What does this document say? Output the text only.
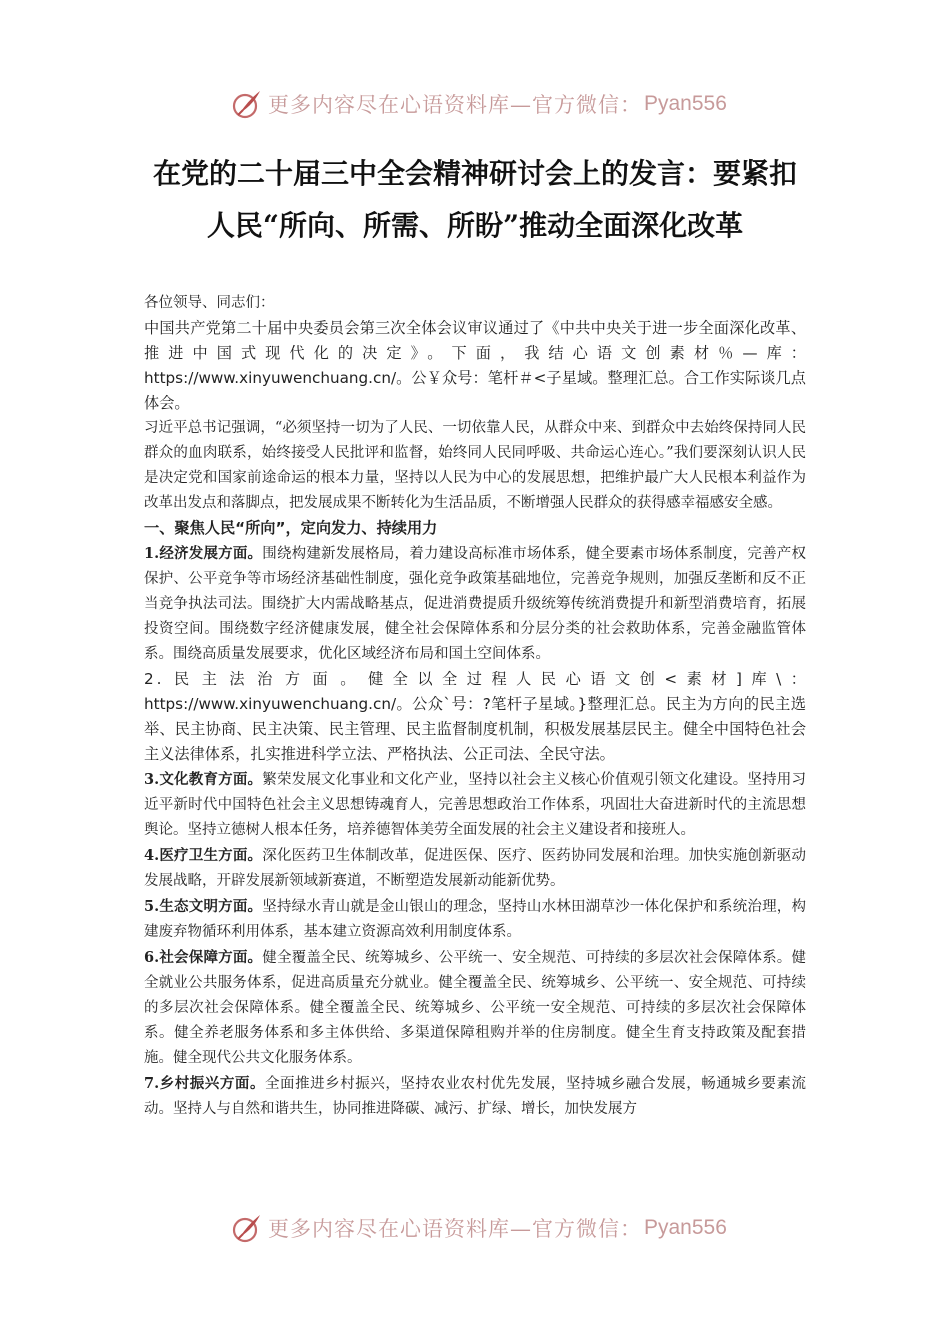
更多内容尽在心语资料库—官方微信： Pyan556
在党的二十届三中全会精神研讨会上的发言：要紧扣
人民“所向、所需、所盼”推动全面深化改革

各位领导、同志们：

中国共产党第二十届中央委员会第三次全体会议审议通过了《中共中央关于进一步全面深化改革、推进中国式现代化的决定》。下面，我结心语文创素材％—库：https://www.xinyuwenchuang.cn/。公￥众号：笔杆＃<子星域。整理汇总。合工作实际谈几点体会。

习近平总书记强调，“必须坚持一切为了人民、一切依靠人民，从群众中来、到群众中去始终保持同人民群众的血肉联系，始终接受人民批评和监督，始终同人民同呼吸、共命运心连心。”我们要深刻认识人民是决定党和国家前途命运的根本力量，坚持以人民为中心的发展思想，把维护最广大人民根本利益作为改革出发点和落脚点，把发展成果不断转化为生活品质，不断增强人民群众的获得感幸福感安全感。

一、聚焦人民“所向”，定向发力、持续用力

1.经济发展方面。围绕构建新发展格局，着力建设高标准市场体系，健全要素市场体系制度，完善产权保护、公平竞争等市场经济基础性制度，强化竞争政策基础地位，完善竞争规则，加强反垄断和反不正当竞争执法司法。围绕扩大内需战略基点，促进消费提质升级统筹传统消费提升和新型消费培育，拓展投资空间。围绕数字经济健康发展，健全社会保障体系和分层分类的社会救助体系，完善金融监管体系。围绕高质量发展要求，优化区域经济布局和国土空间体系。

2.民主法治方面。健全以全过程人民心语文创<素材]库\：https://www.xinyuwenchuang.cn/。公众`号：?笔杆子星域。}整理汇总。民主为方向的民主选举、民主协商、民主决策、民主管理、民主监督制度机制，积极发展基层民主。健全中国特色社会主义法律体系，扎实推进科学立法、严格执法、公正司法、全民守法。

3.文化教育方面。繁荣发展文化事业和文化产业，坚持以社会主义核心价值观引领文化建设。坚持用习近平新时代中国特色社会主义思想铸魂育人，完善思想政治工作体系，巩固壮大奋进新时代的主流思想舆论。坚持立德树人根本任务，培养德智体美劳全面发展的社会主义建设者和接班人。

4.医疗卫生方面。深化医药卫生体制改革，促进医保、医疗、医药协同发展和治理。加快实施创新驱动发展战略，开辟发展新领域新赛道，不断塑造发展新动能新优势。

5.生态文明方面。坚持绿水青山就是金山银山的理念，坚持山水林田湖草沙一体化保护和系统治理，构建废弃物循环利用体系，基本建立资源高效利用制度体系。

6.社会保障方面。健全覆盖全民、统筹城乡、公平统一、安全规范、可持续的多层次社会保障体系。健全就业公共服务体系，促进高质量充分就业。健全覆盖全民、统筹城乡、公平统一、安全规范、可持续的多层次社会保障体系。健全覆盖全民、统筹城乡、公平统一安全规范、可持续的多层次社会保障体系。健全养老服务体系和多主体供给、多渠道保障租购并举的住房制度。健全生育支持政策及配套措施。健全现代公共文化服务体系。

7.乡村振兴方面。全面推进乡村振兴，坚持农业农村优先发展，坚持城乡融合发展，畅通城乡要素流动。坚持人与自然和谐共生，协同推进降碳、减污、扩绿、增长，加快发展方

更多内容尽在心语资料库—官方微信： Pyan556
